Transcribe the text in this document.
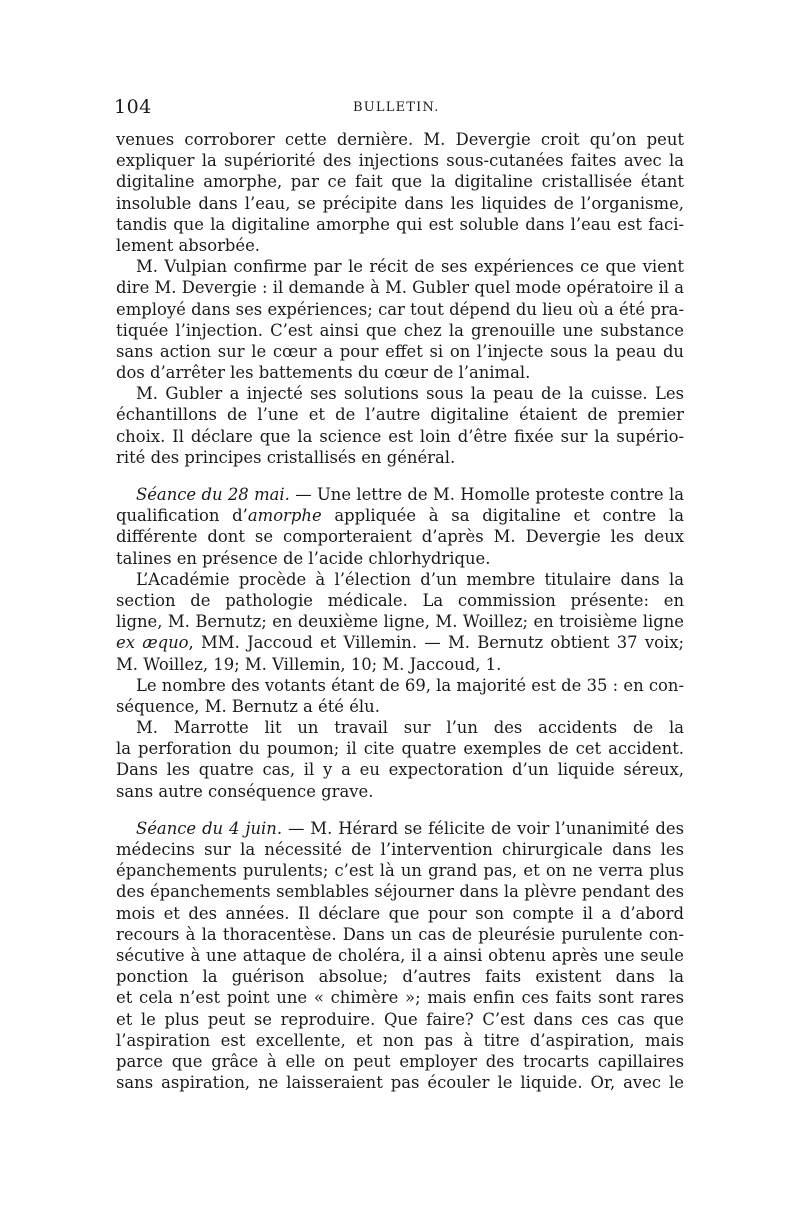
104	BULLETIN.
venues corroborer cette dernière. M. Devergie croit qu’on peut
expliquer la supériorité des injections sous-cutanées faites avec la
digitaline amorphe, par ce fait que la digitaline cristallisée étant
insoluble dans l’eau, se précipite dans les liquides de l’organisme,
tandis que la digitaline amorphe qui est soluble dans l’eau est faci-
lement absorbée.
M. Vulpian confirme par le récit de ses expériences ce que vient
dire M. Devergie : il demande à M. Gubler quel mode opératoire il a
employé dans ses expériences; car tout dépend du lieu où a été pra-
tiquée l’injection. C’est ainsi que chez la grenouille une substance
sans action sur le cœur a pour effet si on l’injecte sous la peau du
dos d’arrêter les battements du cœur de l’animal.
M. Gubler a injecté ses solutions sous la peau de la cuisse. Les
échantillons de l’une et de l’autre digitaline étaient de premier
choix. Il déclare que la science est loin d’être fixée sur la supério-
rité des principes cristallisés en général.
Séance du 28 mai. — Une lettre de M. Homolle proteste contre la
qualification d’amorphe appliquée à sa digitaline et contre la
différente dont se comporteraient d’après M. Devergie les deux
talines en présence de l’acide chlorhydrique.
L’Académie procède à l’élection d’un membre titulaire dans la
section de pathologie médicale. La commission présente: en
ligne, M. Bernutz; en deuxième ligne, M. Woillez; en troisième ligne
ex æquo, MM. Jaccoud et Villemin. — M. Bernutz obtient 37 voix;
M. Woillez, 19; M. Villemin, 10; M. Jaccoud, 1.
Le nombre des votants étant de 69, la majorité est de 35 : en con-
séquence, M. Bernutz a été élu.
M. Marrotte lit un travail sur l’un des accidents de la
la perforation du poumon; il cite quatre exemples de cet accident.
Dans les quatre cas, il y a eu expectoration d’un liquide séreux,
sans autre conséquence grave.
Séance du 4 juin. — M. Hérard se félicite de voir l’unanimité des
médecins sur la nécessité de l’intervention chirurgicale dans les
épanchements purulents; c’est là un grand pas, et on ne verra plus
des épanchements semblables séjourner dans la plèvre pendant des
mois et des années. Il déclare que pour son compte il a d’abord
recours à la thoracentèse. Dans un cas de pleurésie purulente con-
sécutive à une attaque de choléra, il a ainsi obtenu après une seule
ponction la guérison absolue; d’autres faits existent dans la
et cela n’est point une « chimère »; mais enfin ces faits sont rares
et le plus peut se reproduire. Que faire? C’est dans ces cas que
l’aspiration est excellente, et non pas à titre d’aspiration, mais
parce que grâce à elle on peut employer des trocarts capillaires
sans aspiration, ne laisseraient pas écouler le liquide. Or, avec le
